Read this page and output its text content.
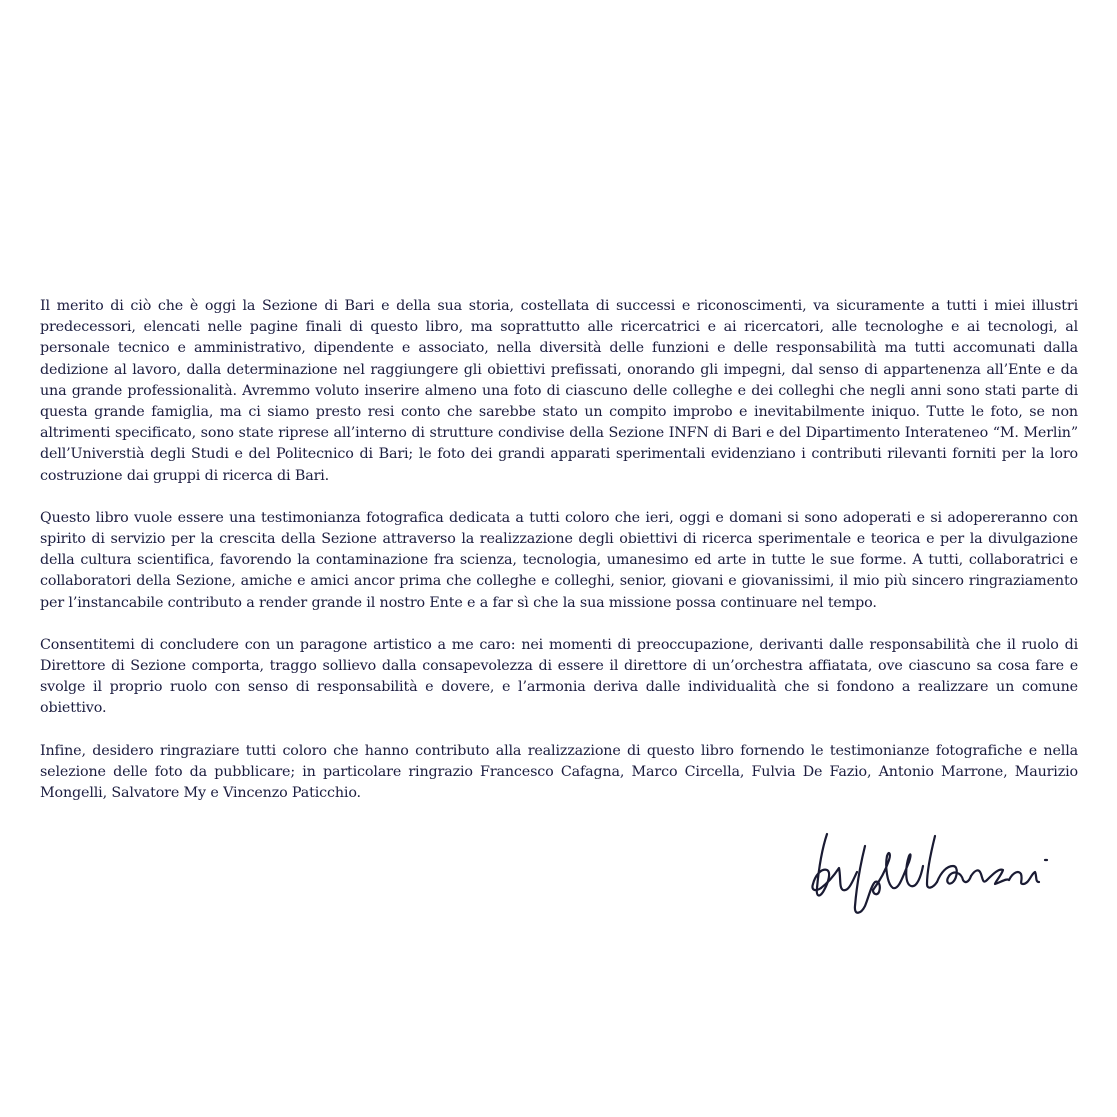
Il merito di ciò che è oggi la Sezione di Bari e della sua storia, costellata di successi e riconoscimenti, va sicuramente a tutti i miei illustri predecessori, elencati nelle pagine finali di questo libro, ma soprattutto alle ricercatrici e ai ricercatori, alle tecnologhe e ai tecnologi, al personale tecnico e amministrativo, dipendente e associato, nella diversità delle funzioni e delle responsabilità ma tutti accomunati dalla dedizione al lavoro, dalla determinazione nel raggiungere gli obiettivi prefissati, onorando gli impegni, dal senso di appartenenza all’Ente e da una grande professionalità. Avremmo voluto inserire almeno una foto di ciascuno delle colleghe e dei colleghi che negli anni sono stati parte di questa grande famiglia, ma ci siamo presto resi conto che sarebbe stato un compito improbo e inevitabilmente iniquo. Tutte le foto, se non altrimenti specificato, sono state riprese all’interno di strutture condivise della Sezione INFN di Bari e del Dipartimento Interateneo “M. Merlin” dell’Universtià degli Studi e del Politecnico di Bari; le foto dei grandi apparati sperimentali evidenziano i contributi rilevanti forniti per la loro costruzione dai gruppi di ricerca di Bari.

Questo libro vuole essere una testimonianza fotografica dedicata a tutti coloro che ieri, oggi e domani si sono adoperati e si adopereranno con spirito di servizio per la crescita della Sezione attraverso la realizzazione degli obiettivi di ricerca sperimentale e teorica e per la divulgazione della cultura scientifica, favorendo la contaminazione fra scienza, tecnologia, umanesimo ed arte in tutte le sue forme. A tutti, collaboratrici e collaboratori della Sezione, amiche e amici ancor prima che colleghe e colleghi, senior, giovani e giovanissimi, il mio più sincero ringraziamento per l’instancabile contributo a render grande il nostro Ente e a far sì che la sua missione possa continuare nel tempo.

Consentitemi di concludere con un paragone artistico a me caro: nei momenti di preoccupazione, derivanti dalle responsabilità che il ruolo di Direttore di Sezione comporta, traggo sollievo dalla consapevolezza di essere il direttore di un’orchestra affiatata, ove ciascuno sa cosa fare e svolge il proprio ruolo con senso di responsabilità e dovere, e l’armonia deriva dalle individualità che si fondono a realizzare un comune obiettivo.

Infine, desidero ringraziare tutti coloro che hanno contributo alla realizzazione di questo libro fornendo le testimonianze fotografiche e nella selezione delle foto da pubblicare; in particolare ringrazio Francesco Cafagna, Marco Circella, Fulvia De Fazio, Antonio Marrone, Maurizio Mongelli, Salvatore My e Vincenzo Paticchio.
